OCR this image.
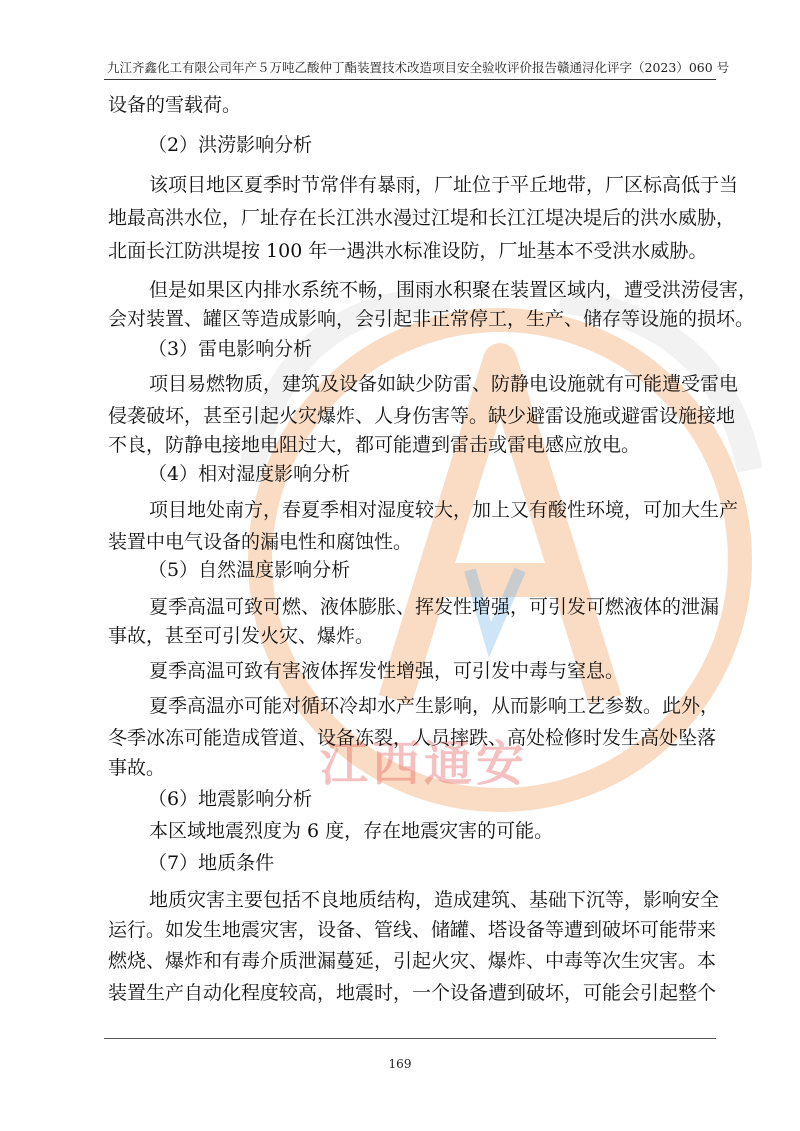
九江齐鑫化工有限公司年产５万吨乙酸仲丁酯装置技术改造项目安全验收评价报告 赣通浔化评字（2023）060 号
江西通安
设备的雪载荷。
（2）洪涝影响分析
该项目地区夏季时节常伴有暴雨，厂址位于平丘地带，厂区标高低于当
地最高洪水位，厂址存在长江洪水漫过江堤和长江江堤决堤后的洪水威胁，
北面长江防洪堤按 100 年一遇洪水标准设防，厂址基本不受洪水威胁。
但是如果区内排水系统不畅，围雨水积聚在装置区域内，遭受洪涝侵害，
会对装置、罐区等造成影响，会引起非正常停工，生产、储存等设施的损坏。
（3）雷电影响分析
项目易燃物质，建筑及设备如缺少防雷、防静电设施就有可能遭受雷电
侵袭破坏，甚至引起火灾爆炸、人身伤害等。缺少避雷设施或避雷设施接地
不良，防静电接地电阻过大，都可能遭到雷击或雷电感应放电。
（4）相对湿度影响分析
项目地处南方，春夏季相对湿度较大，加上又有酸性环境，可加大生产
装置中电气设备的漏电性和腐蚀性。
（5）自然温度影响分析
夏季高温可致可燃、液体膨胀、挥发性增强，可引发可燃液体的泄漏
事故，甚至可引发火灾、爆炸。
夏季高温可致有害液体挥发性增强，可引发中毒与窒息。
夏季高温亦可能对循环冷却水产生影响，从而影响工艺参数。此外，
冬季冰冻可能造成管道、设备冻裂，人员摔跌、高处检修时发生高处坠落
事故。
（6）地震影响分析
本区域地震烈度为 6 度，存在地震灾害的可能。
（7）地质条件
地质灾害主要包括不良地质结构，造成建筑、基础下沉等，影响安全
运行。如发生地震灾害，设备、管线、储罐、塔设备等遭到破坏可能带来
燃烧、爆炸和有毒介质泄漏蔓延，引起火灾、爆炸、中毒等次生灾害。本
装置生产自动化程度较高，地震时，一个设备遭到破坏，可能会引起整个
169
